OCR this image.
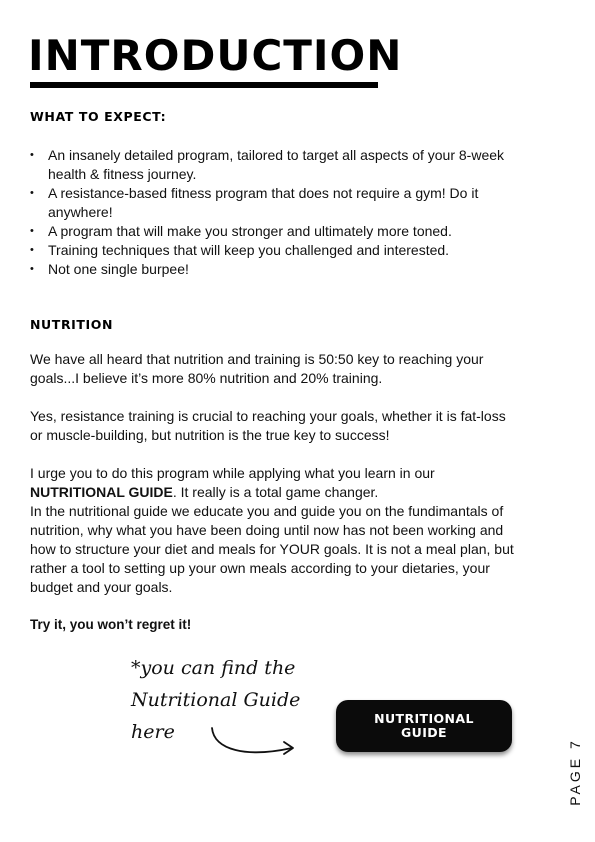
INTRODUCTION
WHAT TO EXPECT:
• An insanely detailed program, tailored to target all aspects of your 8-week health & fitness journey.
• A resistance-based fitness program that does not require a gym! Do it anywhere!
• A program that will make you stronger and ultimately more toned.
• Training techniques that will keep you challenged and interested.
• Not one single burpee!
NUTRITION

We have all heard that nutrition and training is 50:50 key to reaching your goals...I believe it’s more 80% nutrition and 20% training.

Yes, resistance training is crucial to reaching your goals, whether it is fat-loss or muscle-building, but nutrition is the true key to success!

I urge you to do this program while applying what you learn in our NUTRITIONAL GUIDE. It really is a total game changer.
In the nutritional guide we educate you and guide you on the fundimantals of nutrition, why what you have been doing until now has not been working and how to structure your diet and meals for YOUR goals. It is not a meal plan, but rather a tool to setting up your own meals according to your dietaries, your budget and your goals.

Try it, you won’t regret it!

*you can find the
Nutritional Guide
here
NUTRITIONAL
GUIDE
PAGE 7
